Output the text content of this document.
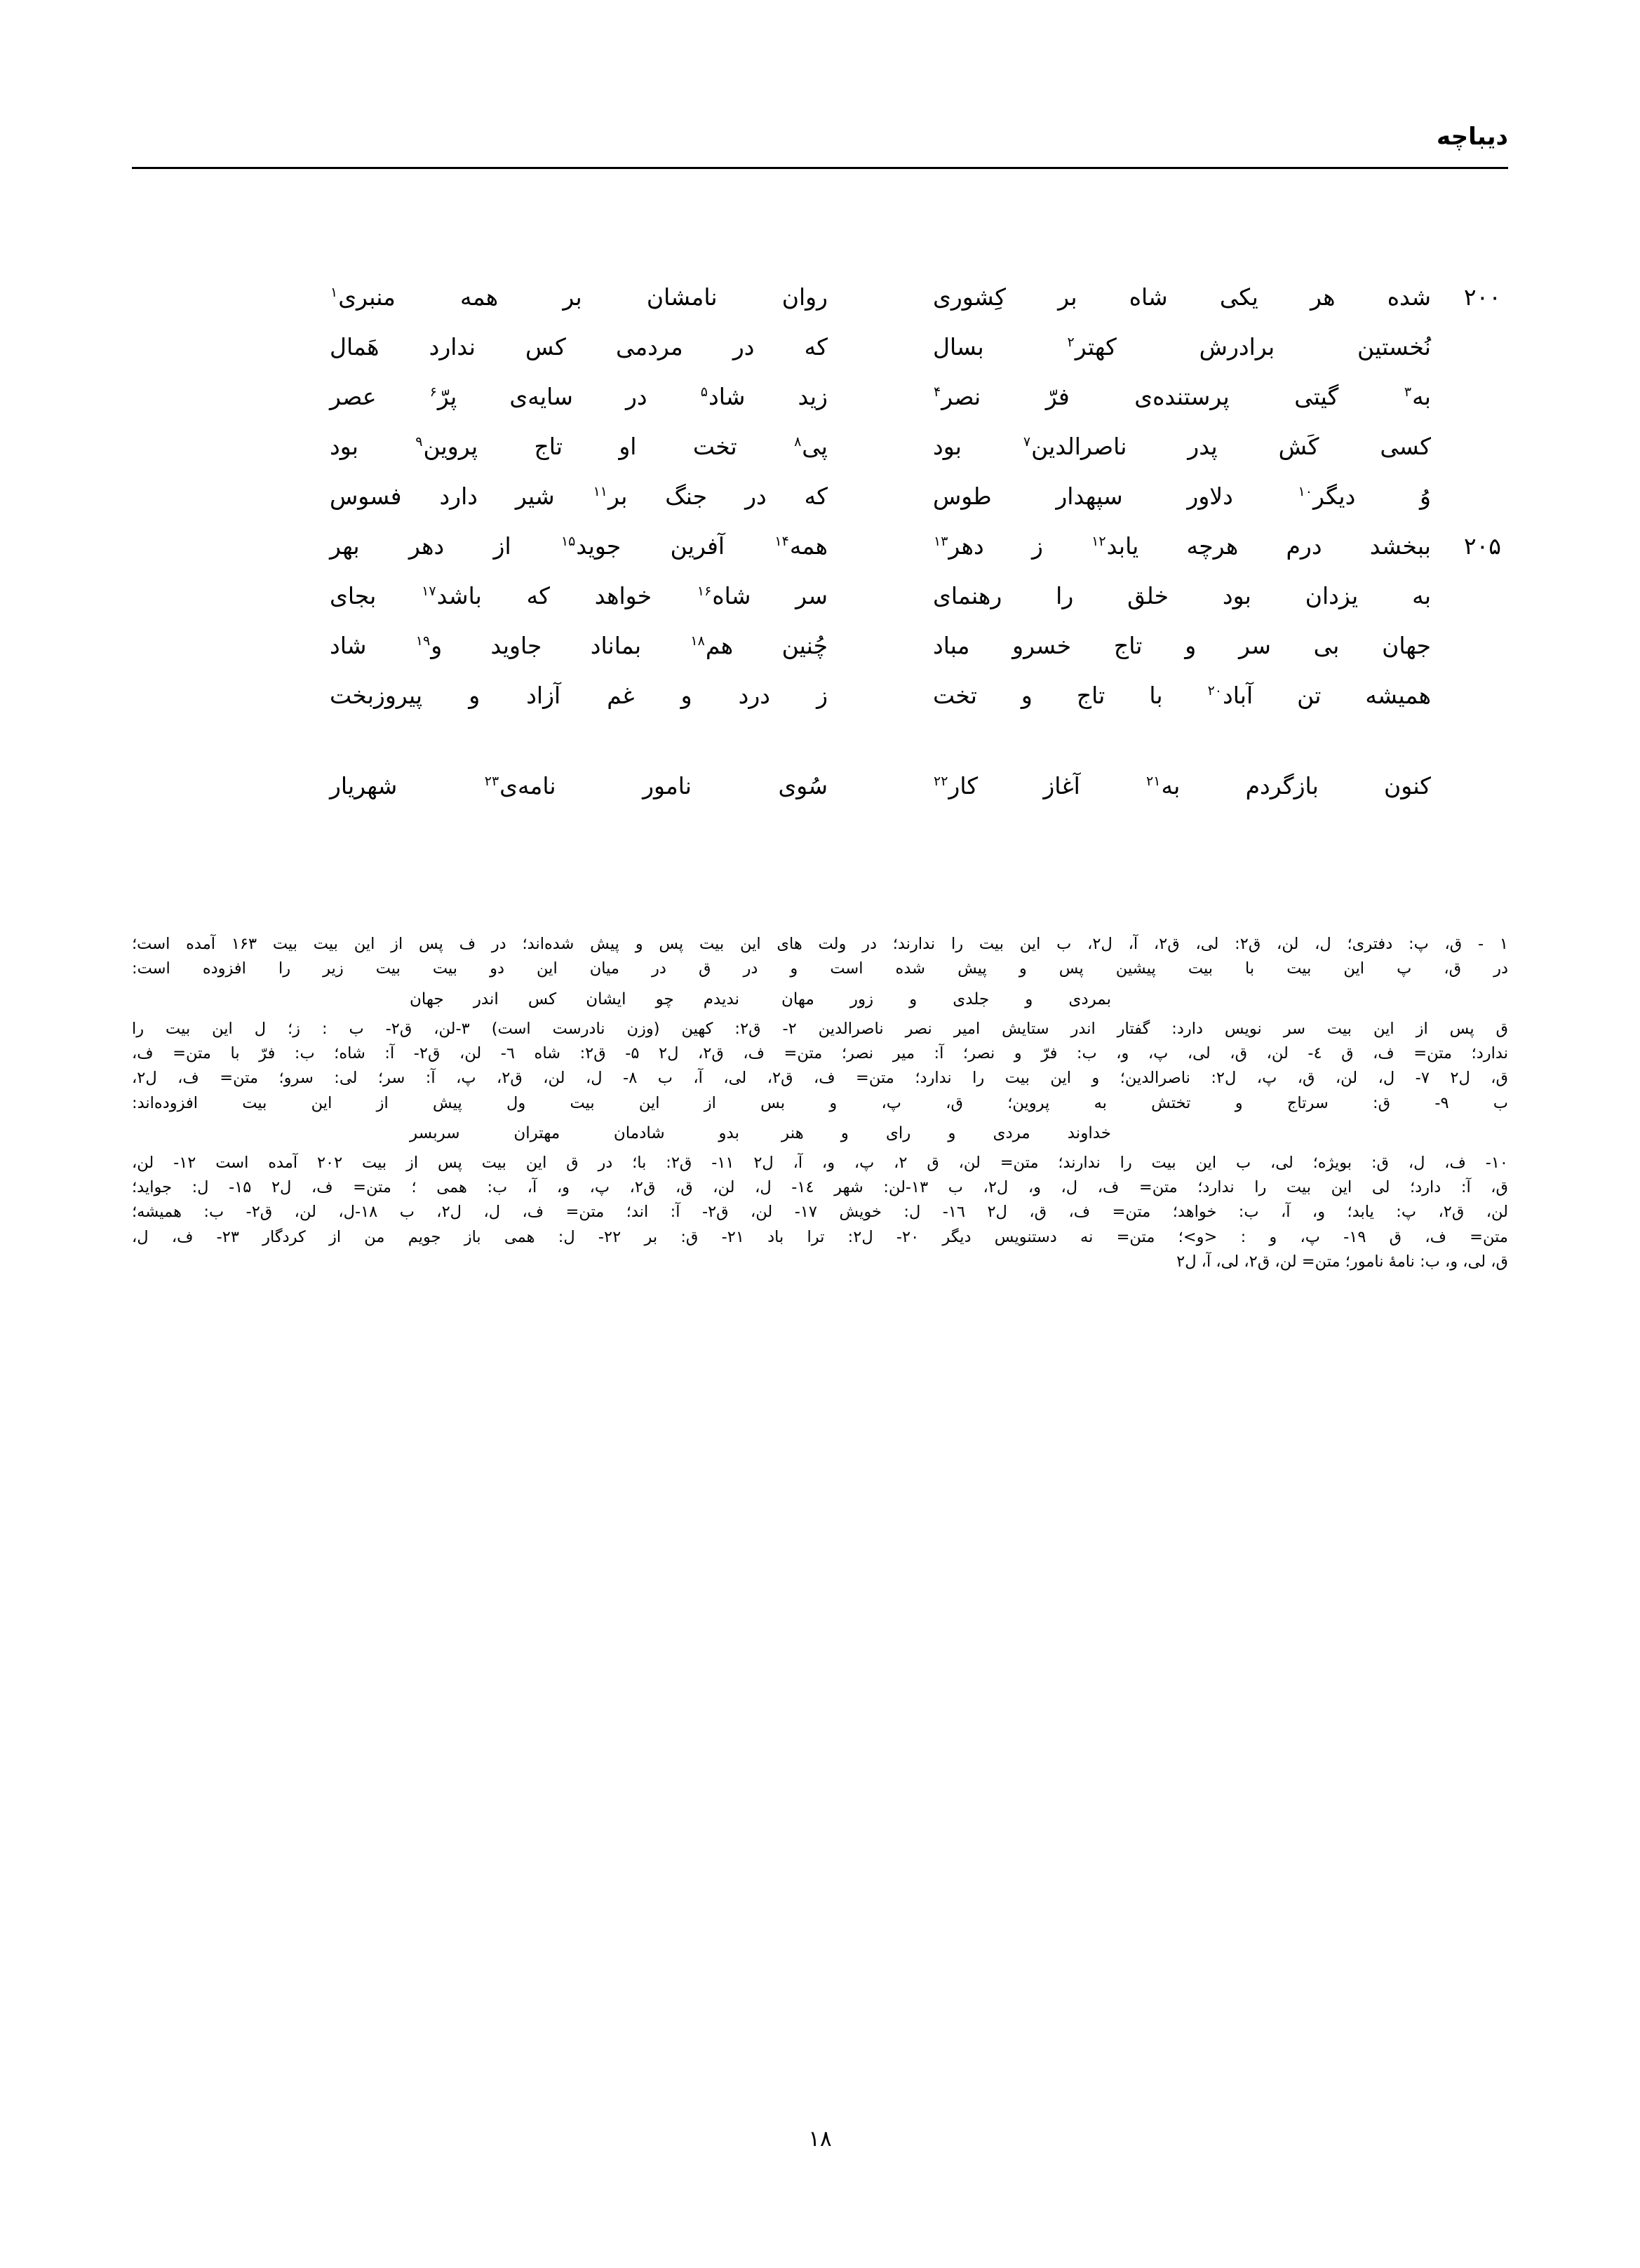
دیباچه
۲۰۰
شده هر یکی شاه بر کِشوری
روان نامشان بر همه منبری$^۱$
نُخستین برادرش کهتر$^۲$ بسال
که در مردمی کس ندارد هَمال
به$^۳$ گیتی پرستنده‌ی فرّ نصر$^۴$
زید شاد$^۵$ در سایه‌ی پرّ$^۶$ عصر
کسی کَش پدر ناصرالدین$^۷$ بود
پی$^۸$ تخت او تاج پروین$^۹$ بود
وُ دیگر$^{۱۰}$ دلاور سپهدار طوس
که در جنگ بر$^{۱۱}$ شیر دارد فسوس
۲۰۵
ببخشد درم هرچه یابد$^{۱۲}$ ز دهر$^{۱۳}$
همه$^{۱۴}$ آفرین جوید$^{۱۵}$ از دهر بهر
به یزدان بود خلق را رهنمای
سر شاه$^{۱۶}$ خواهد که باشد$^{۱۷}$ بجای
جهان بی سر و تاج خسرو مباد
چُنین هم$^{۱۸}$ بماناد جاوید و$^{۱۹}$ شاد
همیشه تن آباد$^{۲۰}$ با تاج و تخت
ز درد و غم آزاد و پیروزبخت
کنون بازگردم به$^{۲۱}$ آغاز کار$^{۲۲}$
سُوی نامور نامه‌ی$^{۲۳}$ شهریار
۱ - ق، پ: دفتری؛ ل، لن، ق۲: لی، ق۲، آ، ل۲، ب این بیت را ندارند؛ در ولت های این بیت پس و پیش شده‌اند؛ در ف پس از این بیت بیت ۱۶۳ آمده است؛
در ق، پ این بیت با بیت پیشین پس و پیش شده است و در ق در میان این دو بیت بیت زیر را افزوده است:
بمردی و جلدی و زور مهان
ندیدم چو ایشان کس اندر جهان
ق پس از این بیت سر نویس دارد: گفتار اندر ستایش امیر نصر ناصرالدین ۲- ق۲: کهین (وزن نادرست است) ۳-لن، ق۲- ب : ز؛ ل این بیت را
ندارد؛ متن= ف، ق ٤- لن، ق، لی، پ، و، ب: فرّ و نصر؛ آ: میر نصر؛ متن= ف، ق۲، ل۲ ۵- ق۲: شاه ٦- لن، ق۲- آ: شاه؛ ب: فرّ با متن= ف،
ق، ل۲ ۷- ل، لن، ق، پ، ل۲: ناصرالدین؛ و این بیت را ندارد؛ متن= ف، ق۲، لی، آ، ب ۸- ل، لن، ق۲، پ، آ: سر؛ لی: سرو؛ متن= ف، ل۲،
ب ۹- ق: سرتاج و تختش به پروین؛ ق، پ، و بس از این بیت ول پیش از این بیت افزوده‌اند:
خداوند مردی و رای و هنر
بدو شادمان مهتران سربسر
۱۰- ف، ل، ق: بویژه؛ لی، ب این بیت را ندارند؛ متن= لن، ق ۲، پ، و، آ، ل۲ ۱۱- ق۲: با؛ در ق این بیت پس از بیت ۲۰۲ آمده است ۱۲- لن،
ق، آ: دارد؛ لی این بیت را ندارد؛ متن= ف، ل، و، ل۲، ب ۱۳-لن: شهر ۱٤- ل، لن، ق، ق۲، پ، و، آ، ب: همی ؛ متن= ف، ل۲ ۱۵- ل: جواید؛
لن، ق۲، پ: یابد؛ و، آ، ب: خواهد؛ متن= ف، ق، ل۲ ۱٦- ل: خویش ۱۷- لن، ق۲- آ: اند؛ متن= ف، ل، ل۲، ب ۱۸-ل، لن، ق۲- ب: همیشه؛
متن= ف، ق ۱۹- پ، و : <و>؛ متن= نه دستنویس دیگر ۲۰- ل۲: ترا باد ۲۱- ق: بر ۲۲- ل: همی باز جویم من از کردگار ۲۳- ف، ل،
ق، لی، و، ب: نامهٔ نامور؛ متن= لن، ق۲، لی، آ، ل۲
۱۸
